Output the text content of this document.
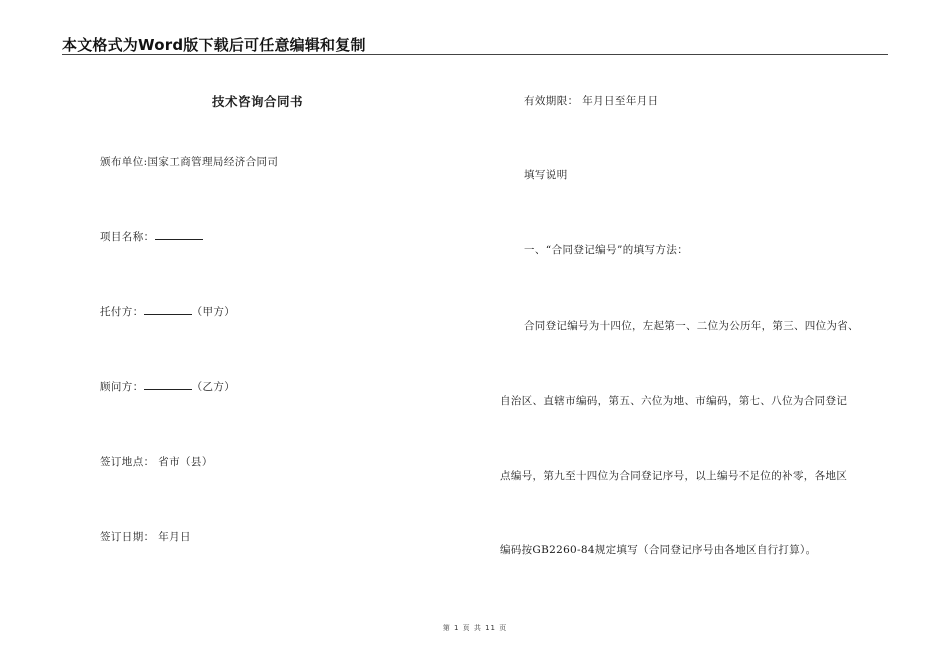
本文格式为Word版下载后可任意编辑和复制
技术咨询合同书
颁布单位:国家工商管理局经济合同司
项目名称：
托付方：	（甲方）
顾问方：	（乙方）
签订地点： 省市（县）
签订日期： 年月日
有效期限： 年月日至年月日
填写说明
一、“合同登记编号”的填写方法：
合同登记编号为十四位，左起第一、二位为公历年，第三、四位为省、
自治区、直辖市编码，第五、六位为地、市编码，第七、八位为合同登记
点编号，第九至十四位为合同登记序号，以上编号不足位的补零，各地区
编码按GB2260-84规定填写（合同登记序号由各地区自行打算）。
第 1 页 共 11 页
